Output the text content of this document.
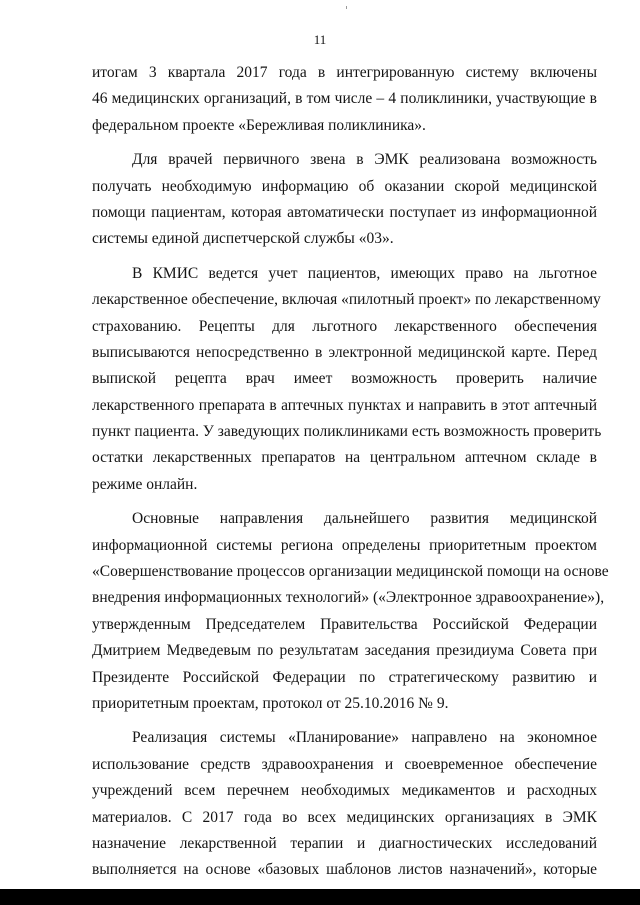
11
итогам 3 квартала 2017 года в интегрированную систему включены
46 медицинских организаций, в том числе – 4 поликлиники, участвующие в
федеральном проекте «Бережливая поликлиника».
Для врачей первичного звена в ЭМК реализована возможность
получать необходимую информацию об оказании скорой медицинской
помощи пациентам, которая автоматически поступает из информационной
системы единой диспетчерской службы «03».
В КМИС ведется учет пациентов, имеющих право на льготное
лекарственное обеспечение, включая «пилотный проект» по лекарственному
страхованию. Рецепты для льготного лекарственного обеспечения
выписываются непосредственно в электронной медицинской карте. Перед
выпиской рецепта врач имеет возможность проверить наличие
лекарственного препарата в аптечных пунктах и направить в этот аптечный
пункт пациента. У заведующих поликлиниками есть возможность проверить
остатки лекарственных препаратов на центральном аптечном складе в
режиме онлайн.
Основные направления дальнейшего развития медицинской
информационной системы региона определены приоритетным проектом
«Совершенствование процессов организации медицинской помощи на основе
внедрения информационных технологий» («Электронное здравоохранение»),
утвержденным Председателем Правительства Российской Федерации
Дмитрием Медведевым по результатам заседания президиума Совета при
Президенте Российской Федерации по стратегическому развитию и
приоритетным проектам, протокол от 25.10.2016 № 9.
Реализация системы «Планирование» направлено на экономное
использование средств здравоохранения и своевременное обеспечение
учреждений всем перечнем необходимых медикаментов и расходных
материалов. С 2017 года во всех медицинских организациях в ЭМК
назначение лекарственной терапии и диагностических исследований
выполняется на основе «базовых шаблонов листов назначений», которые
